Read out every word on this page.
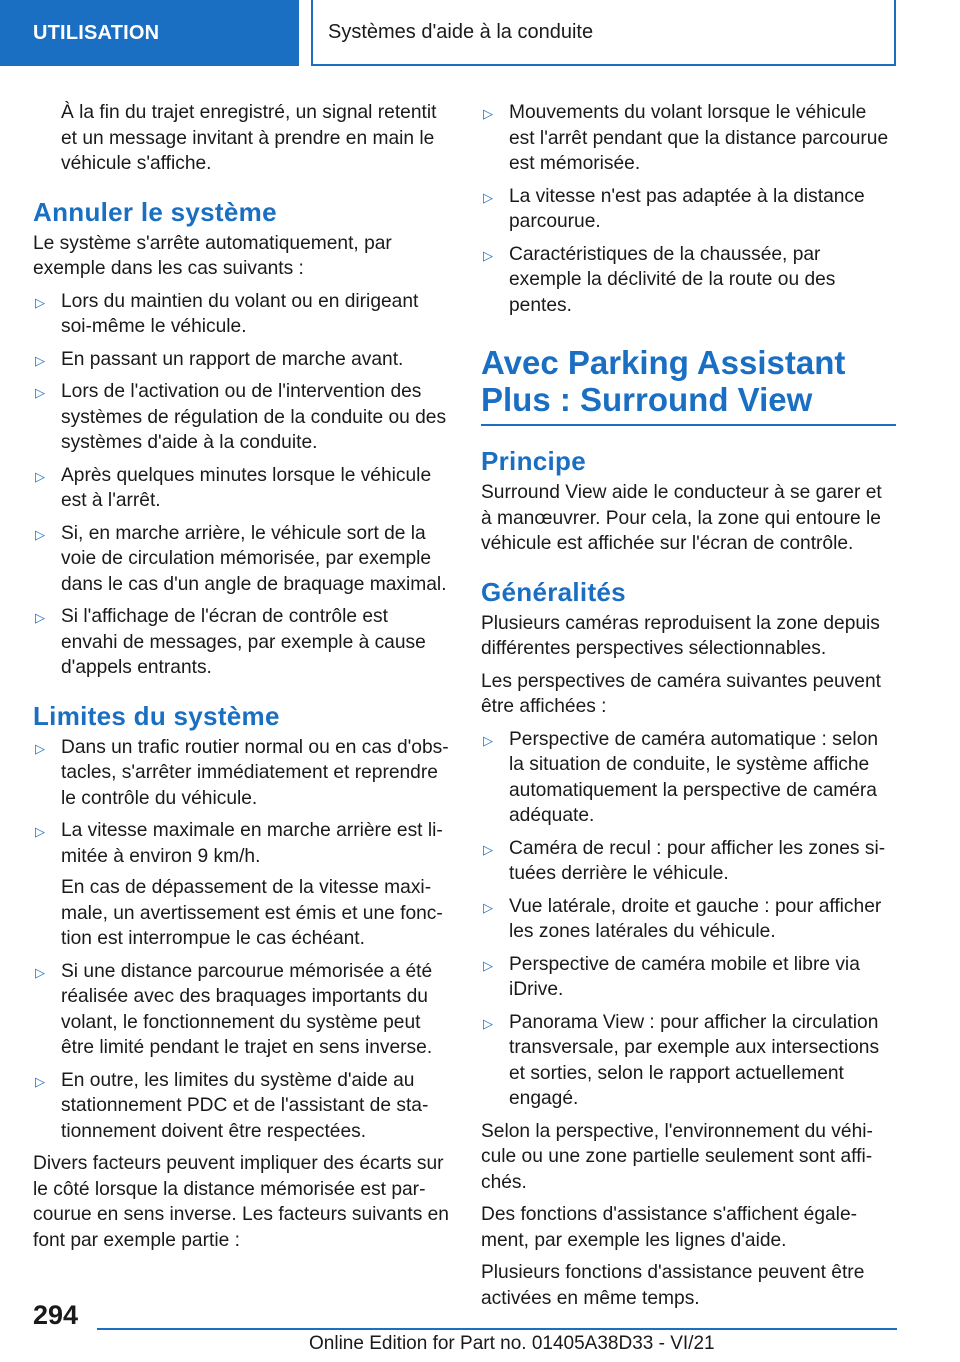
UTILISATION	Systèmes d'aide à la conduite

À la fin du trajet enregistré, un signal retentit et un message invitant à prendre en main le véhicule s'affiche.

Annuler le système

Le système s'arrête automatiquement, par exemple dans les cas suivants :

▷ Lors du maintien du volant ou en dirigeant soi-même le véhicule.
▷ En passant un rapport de marche avant.
▷ Lors de l'activation ou de l'intervention des systèmes de régulation de la conduite ou des systèmes d'aide à la conduite.
▷ Après quelques minutes lorsque le véhicule est à l'arrêt.
▷ Si, en marche arrière, le véhicule sort de la voie de circulation mémorisée, par exemple dans le cas d'un angle de braquage maximal.
▷ Si l'affichage de l'écran de contrôle est envahi de messages, par exemple à cause d'appels entrants.
Limites du système
▷ Dans un trafic routier normal ou en cas d'obstacles, s'arrêter immédiatement et reprendre le contrôle du véhicule.
▷ La vitesse maximale en marche arrière est limitée à environ 9 km/h.

En cas de dépassement de la vitesse maximale, un avertissement est émis et une fonction est interrompue le cas échéant.

▷ Si une distance parcourue mémorisée a été réalisée avec des braquages importants du volant, le fonctionnement du système peut être limité pendant le trajet en sens inverse.
▷ En outre, les limites du système d'aide au stationnement PDC et de l'assistant de stationnement doivent être respectées.

Divers facteurs peuvent impliquer des écarts sur le côté lorsque la distance mémorisée est parcourue en sens inverse. Les facteurs suivants en font par exemple partie :

▷ Mouvements du volant lorsque le véhicule est l'arrêt pendant que la distance parcourue est mémorisée.
▷ La vitesse n'est pas adaptée à la distance parcourue.
▷ Caractéristiques de la chaussée, par exemple la déclivité de la route ou des pentes.
Avec Parking Assistant Plus : Surround View
Principe

Surround View aide le conducteur à se garer et à manœuvrer. Pour cela, la zone qui entoure le véhicule est affichée sur l'écran de contrôle.

Généralités

Plusieurs caméras reproduisent la zone depuis différentes perspectives sélectionnables.

Les perspectives de caméra suivantes peuvent être affichées :

▷ Perspective de caméra automatique : selon la situation de conduite, le système affiche automatiquement la perspective de caméra adéquate.
▷ Caméra de recul : pour afficher les zones situées derrière le véhicule.
▷ Vue latérale, droite et gauche : pour afficher les zones latérales du véhicule.
▷ Perspective de caméra mobile et libre via iDrive.
▷ Panorama View : pour afficher la circulation transversale, par exemple aux intersections et sorties, selon le rapport actuellement engagé.

Selon la perspective, l'environnement du véhicule ou une zone partielle seulement sont affichés.

Des fonctions d'assistance s'affichent également, par exemple les lignes d'aide.

Plusieurs fonctions d'assistance peuvent être activées en même temps.

294
Online Edition for Part no. 01405A38D33 - VI/21
